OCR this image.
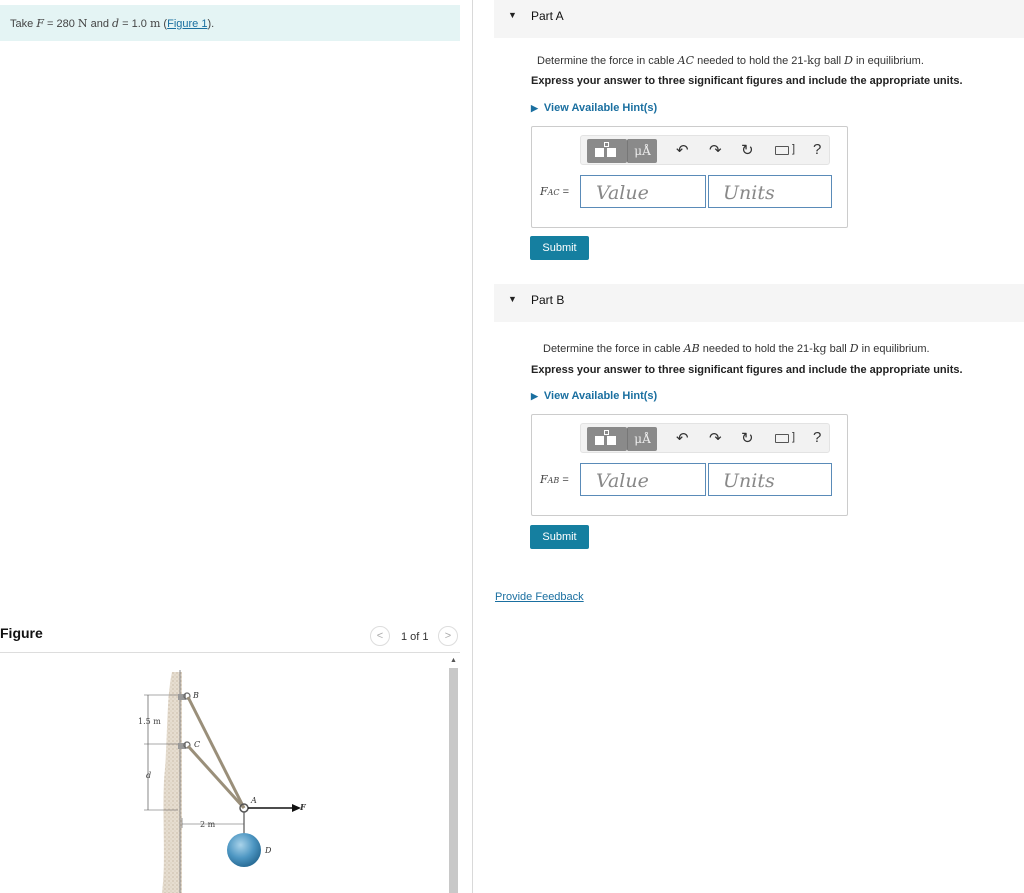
Take F = 280 N and d = 1.0 m (Figure 1).
Figure	<	1 of 1	>
▲
1.5 m
d
2 m
B
C
A
F
D
▼ Part A
Determine the force in cable AC needed to hold the 21-kg ball D in equilibrium.
Express your answer to three significant figures and include the appropriate units.
▶ View Available Hint(s)
μÅ	↶ ↷ ↻	] ?
FAC =
Value
Units
Submit
▼ Part B
Determine the force in cable AB needed to hold the 21-kg ball D in equilibrium.
Express your answer to three significant figures and include the appropriate units.
▶ View Available Hint(s)
μÅ	↶ ↷ ↻	] ?
FAB =
Value
Units
Submit
Provide Feedback
